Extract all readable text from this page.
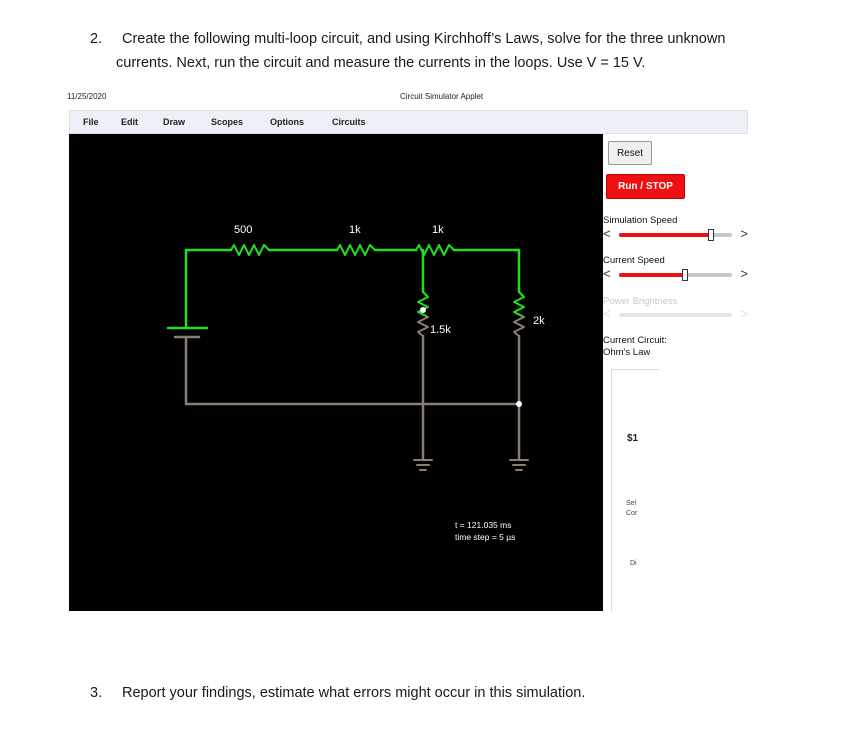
2. Create the following multi-loop circuit, and using Kirchhoff’s Laws, solve for the three unknown
currents. Next, run the circuit and measure the currents in the loops. Use V = 15 V.
11/25/2020	Circuit Simulator Applet
File Edit	Draw	Scopes	Options	Circuits
500	1k	1k
1.5k
2k
t = 121.035 ms
time step = 5 µs
Reset
Run / STOP
Simulation Speed
<	>
Current Speed
<	>
Power Brightness
<	>
Current Circuit:
Ohm's Law
$1
Sel
Cor
Di
3. Report your findings, estimate what errors might occur in this simulation.
